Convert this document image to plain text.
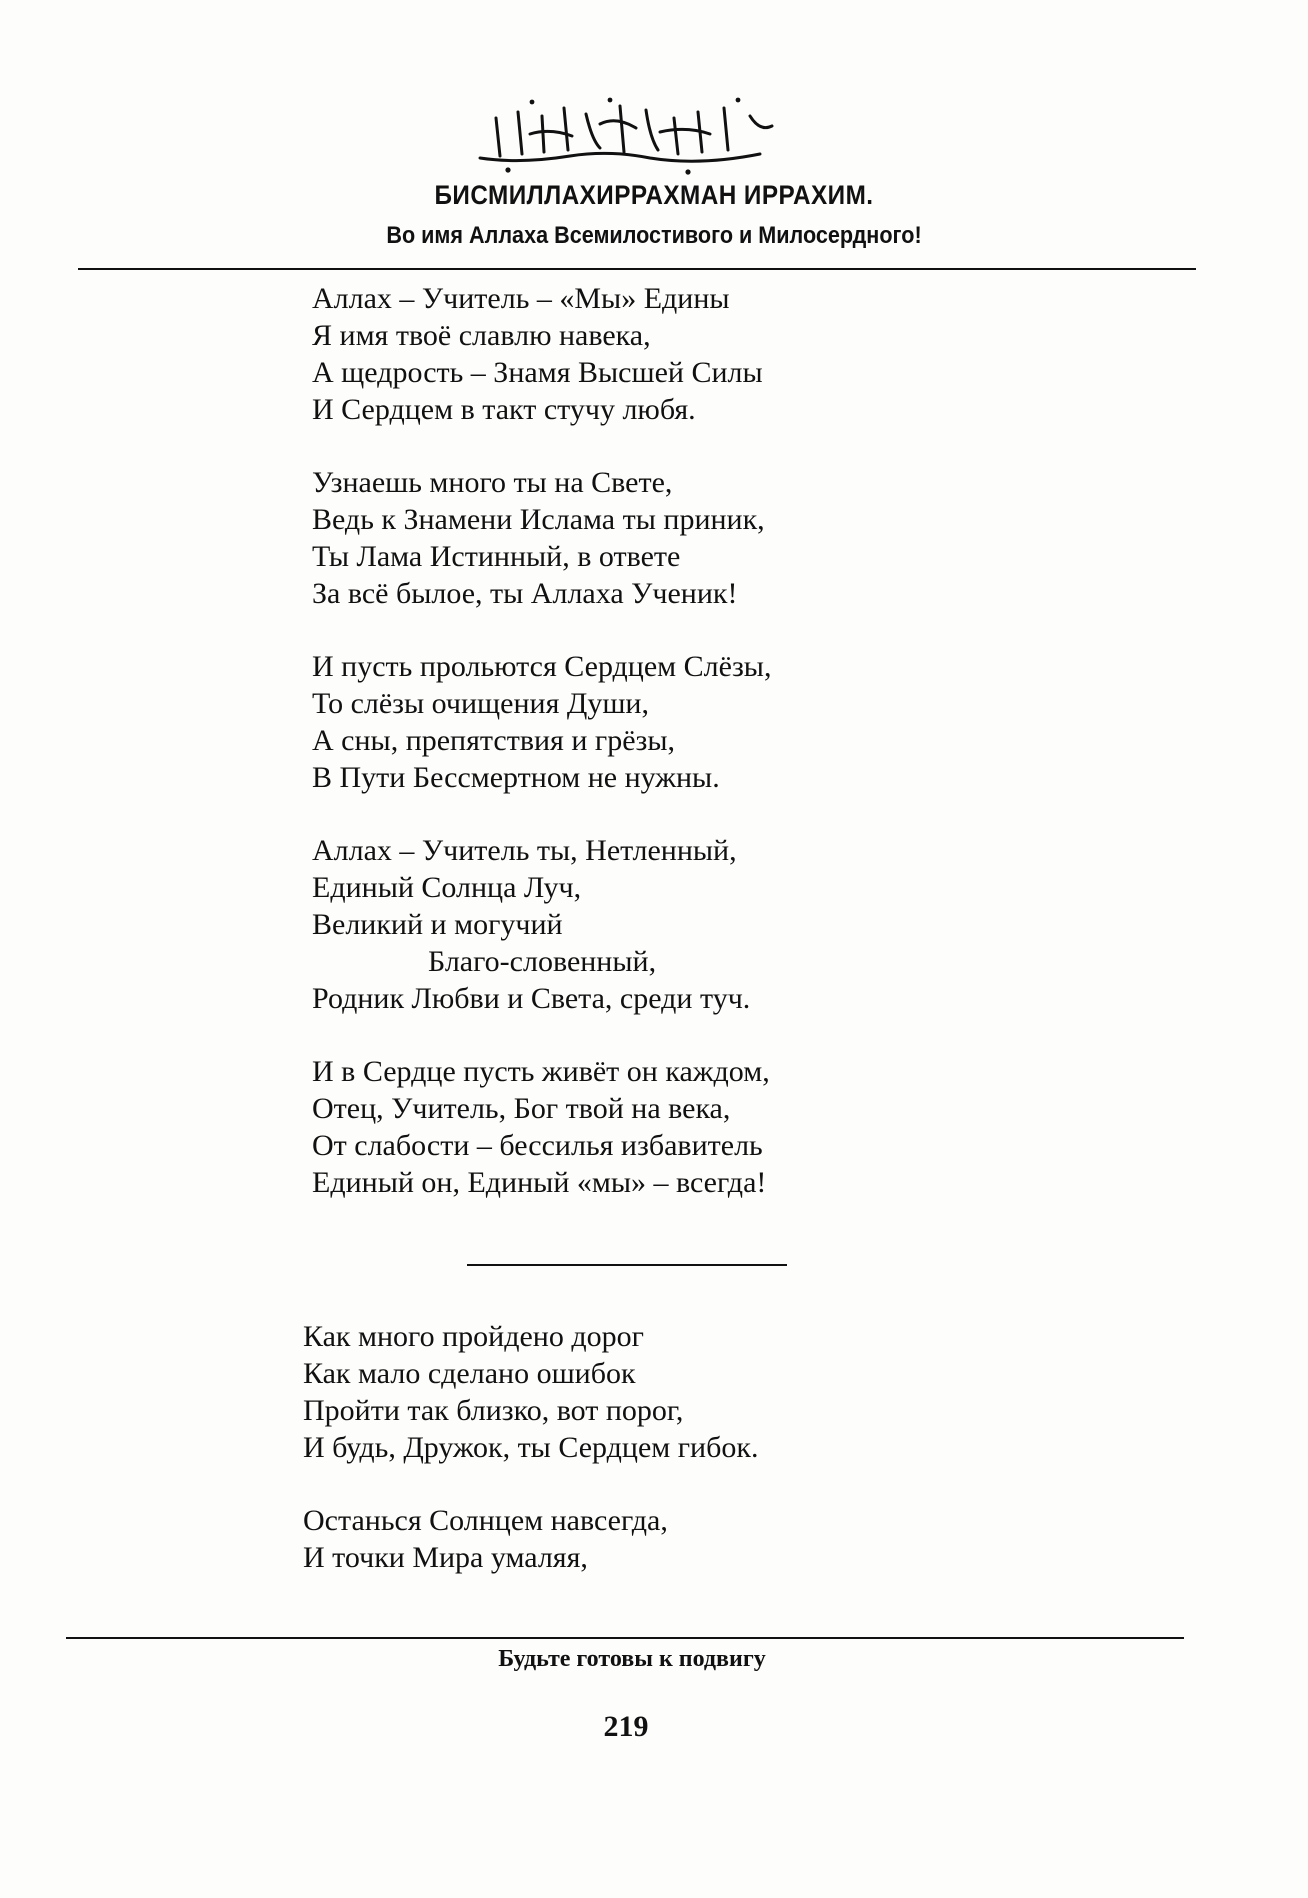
БИСМИЛЛАХИРРАХМАН ИРРАХИМ.
Во имя Аллаха Всемилостивого и Милосердного!
Аллах – Учитель – «Мы» Едины
Я имя твоё славлю навека,
А щедрость – Знамя Высшей Силы
И Сердцем в такт стучу любя.
Узнаешь много ты на Свете,
Ведь к Знамени Ислама ты приник,
Ты Лама Истинный, в ответе
За всё былое, ты Аллаха Ученик!
И пусть прольются Сердцем Слёзы,
То слёзы очищения Души,
А сны, препятствия и грёзы,
В Пути Бессмертном не нужны.
Аллах – Учитель ты, Нетленный,
Единый Солнца Луч,
Великий и могучий
Благо-словенный,
Родник Любви и Света, среди туч.
И в Сердце пусть живёт он каждом,
Отец, Учитель, Бог твой на века,
От слабости – бессилья избавитель
Единый он, Единый «мы» – всегда!
Как много пройдено дорог
Как мало сделано ошибок
Пройти так близко, вот порог,
И будь, Дружок, ты Сердцем гибок.
Останься Солнцем навсегда,
И точки Мира умаляя,
Будьте готовы к подвигу
219
